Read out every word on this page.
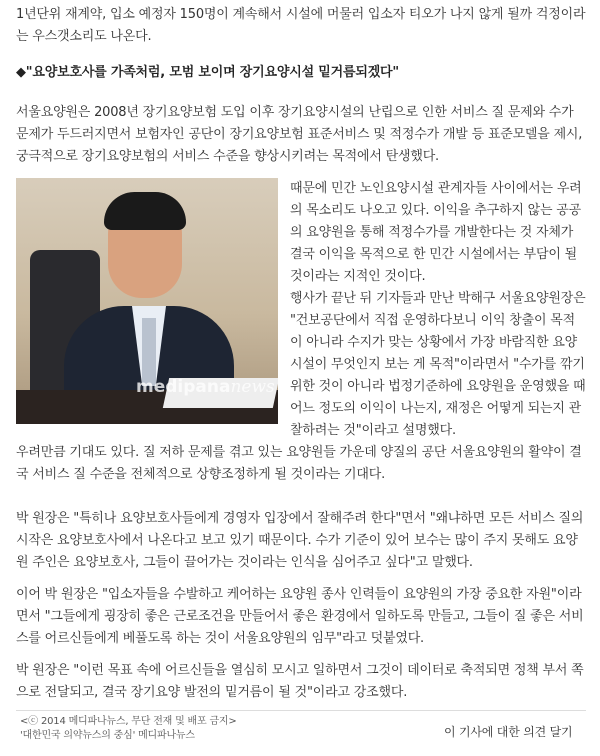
1년단위 재계약, 입소 예정자 150명이 계속해서 시설에 머물러 입소자 티오가 나지 않게 될까 걱정이라는 우스갯소리도 나온다.

◆"요양보호사를 가족처럼, 모범 보이며 장기요양시설 밑거름되겠다"

서울요양원은 2008년 장기요양보험 도입 이후 장기요양시설의 난립으로 인한 서비스 질 문제와 수가 문제가 두드러지면서 보험자인 공단이 장기요양보험 표준서비스 및 적정수가 개발 등 표준모델을 제시, 궁극적으로 장기요양보험의 서비스 수준을 향상시키려는 목적에서 탄생했다.

medipananews

때문에 민간 노인요양시설 관계자들 사이에서는 우려의 목소리도 나오고 있다. 이익을 추구하지 않는 공공의 요양원을 통해 적정수가를 개발한다는 것 자체가 결국 이익을 목적으로 한 민간 시설에서는 부담이 될 것이라는 지적인 것이다.

행사가 끝난 뒤 기자들과 만난 박해구 서울요양원장은 "건보공단에서 직접 운영하다보니 이익 창출이 목적이 아니라 수지가 맞는 상황에서 가장 바람직한 요양시설이 무엇인지 보는 게 목적"이라면서 "수가를 깎기 위한 것이 아니라 법정기준하에 요양원을 운영했을 때 어느 정도의 이익이 나는지, 재정은 어떻게 되는지 관찰하려는 것"이라고 설명했다.

우려만큼 기대도 있다. 질 저하 문제를 겪고 있는 요양원들 가운데 양질의 공단 서울요양원의 활약이 결국 서비스 질 수준을 전체적으로 상향조정하게 될 것이라는 기대다.

박 원장은 "특히나 요양보호사들에게 경영자 입장에서 잘해주려 한다"면서 "왜냐하면 모든 서비스 질의 시작은 요양보호사에서 나온다고 보고 있기 때문이다. 수가 기준이 있어 보수는 많이 주지 못해도 요양원 주인은 요양보호사, 그들이 끌어가는 것이라는 인식을 심어주고 싶다"고 말했다.

이어 박 원장은 "입소자들을 수발하고 케어하는 요양원 종사 인력들이 요양원의 가장 중요한 자원"이라면서 "그들에게 굉장히 좋은 근로조건을 만들어서 좋은 환경에서 일하도록 만들고, 그들이 질 좋은 서비스를 어르신들에게 베풀도록 하는 것이 서울요양원의 임무"라고 덧붙였다.

박 원장은 "이런 목표 속에 어르신들을 열심히 모시고 일하면서 그것이 데이터로 축적되면 정책 부서 쪽으로 전달되고, 결국 장기요양 발전의 밑거름이 될 것"이라고 강조했다.

<ⓒ 2014 메디파나뉴스, 무단 전재 및 배포 금지>
'대한민국 의약뉴스의 중심' 메디파나뉴스	이 기사에 대한 의견 달기
